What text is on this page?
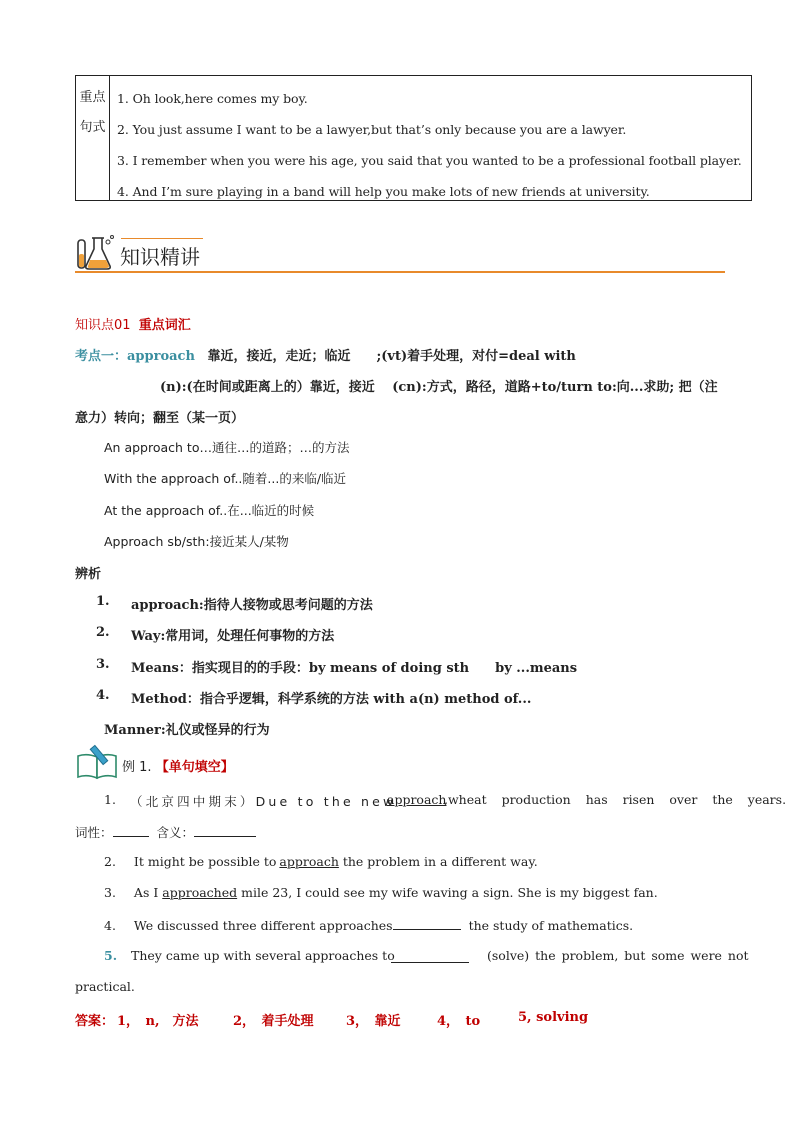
重点
句式
1. Oh look,here comes my boy.
2. You just assume I want to be a lawyer,but that’s only because you are a lawyer.
3. I remember when you were his age, you said that you wanted to be a professional football player.
4. And I’m sure playing in a band will help you make lots of new friends at university.
知识精讲
知识点01 重点词汇
考点一：approach 靠近，接近，走近；临近　　;(vt)着手处理，对付=deal with
(n):(在时间或距离上的）靠近，接近　 (cn):方式，路径，道路+to/turn to:向...求助; 把（注
意力）转向；翻至（某一页）
An approach to…通往…的道路；…的方法
With the approach of..随着...的来临/临近
At the approach of..在...临近的时候
Approach sb/sth:接近某人/某物
辨析
1. approach:指待人接物或思考问题的方法
2. Way:常用词，处理任何事物的方法
3. Means：指实现目的的手段：by means of doing sth　　by ...means
4. Method：指合乎逻辑，科学系统的方法 with a(n) method of...
Manner:礼仪或怪异的行为
例 1. 【单句填空】
1. （北京四中期末）Due to the new
approach
,wheat production has risen over the years.
词性：	含义：
2. It might be possible to approach the problem in a different way.
3. As I approached mile 23, I could see my wife waving a sign. She is my biggest fan.
4. We discussed three different approaches	the study of mathematics.
5. They came up with several approaches to	(solve) the problem, but some were not
practical.
答案： 1，　n,　方法	2，　着手处理 3，　靠近	4，　to	5, solving
